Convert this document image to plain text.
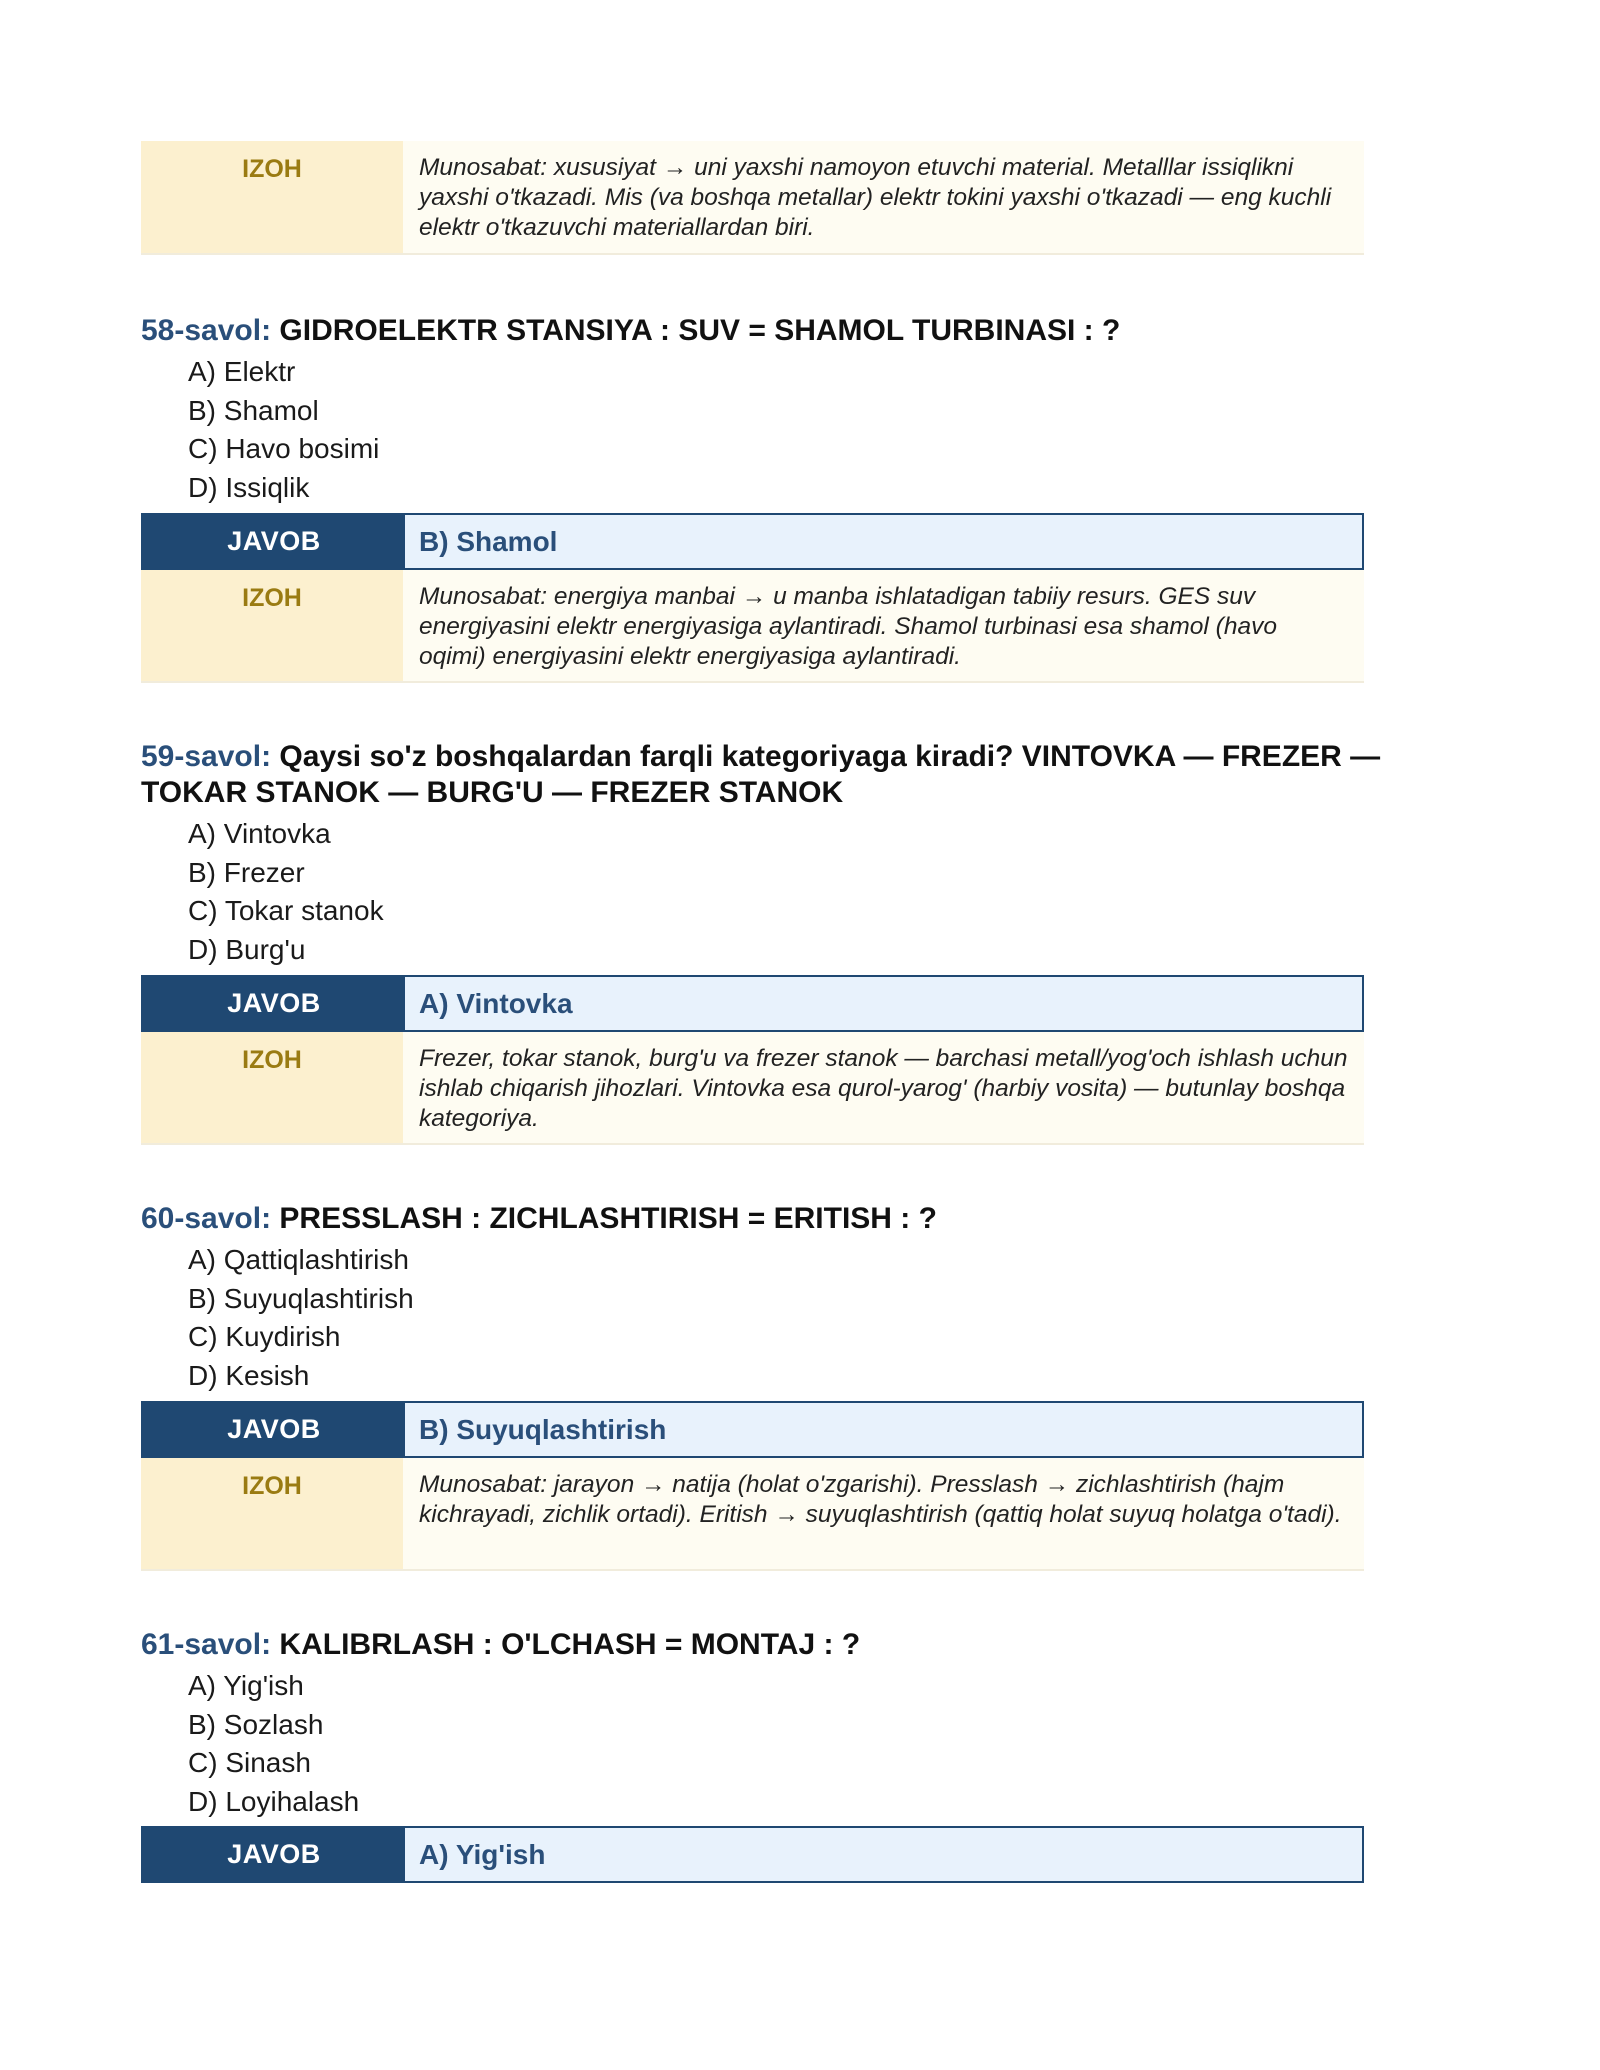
IZOH	Munosabat: xususiyat → uni yaxshi namoyon etuvchi material. Metalllar issiqlikni yaxshi o'tkazadi. Mis (va boshqa metallar) elektr tokini yaxshi o'tkazadi — eng kuchli elektr o'tkazuvchi materiallardan biri.
58-savol: GIDROELEKTR STANSIYA : SUV = SHAMOL TURBINASI : ?
A) Elektr
B) Shamol
C) Havo bosimi
D) Issiqlik
JAVOB	B) Shamol
IZOH	Munosabat: energiya manbai → u manba ishlatadigan tabiiy resurs. GES suv energiyasini elektr energiyasiga aylantiradi. Shamol turbinasi esa shamol (havo oqimi) energiyasini elektr energiyasiga aylantiradi.
59-savol: Qaysi so'z boshqalardan farqli kategoriyaga kiradi? VINTOVKA — FREZER — TOKAR STANOK — BURG'U — FREZER STANOK
A) Vintovka
B) Frezer
C) Tokar stanok
D) Burg'u
JAVOB	A) Vintovka
IZOH	Frezer, tokar stanok, burg'u va frezer stanok — barchasi metall/yog'och ishlash uchun ishlab chiqarish jihozlari. Vintovka esa qurol-yarog' (harbiy vosita) — butunlay boshqa kategoriya.
60-savol: PRESSLASH : ZICHLASHTIRISH = ERITISH : ?
A) Qattiqlashtirish
B) Suyuqlashtirish
C) Kuydirish
D) Kesish
JAVOB	B) Suyuqlashtirish
IZOH	Munosabat: jarayon → natija (holat o'zgarishi). Presslash → zichlashtirish (hajm kichrayadi, zichlik ortadi). Eritish → suyuqlashtirish (qattiq holat suyuq holatga o'tadi).
61-savol: KALIBRLASH : O'LCHASH = MONTAJ : ?
A) Yig'ish
B) Sozlash
C) Sinash
D) Loyihalash
JAVOB	A) Yig'ish
